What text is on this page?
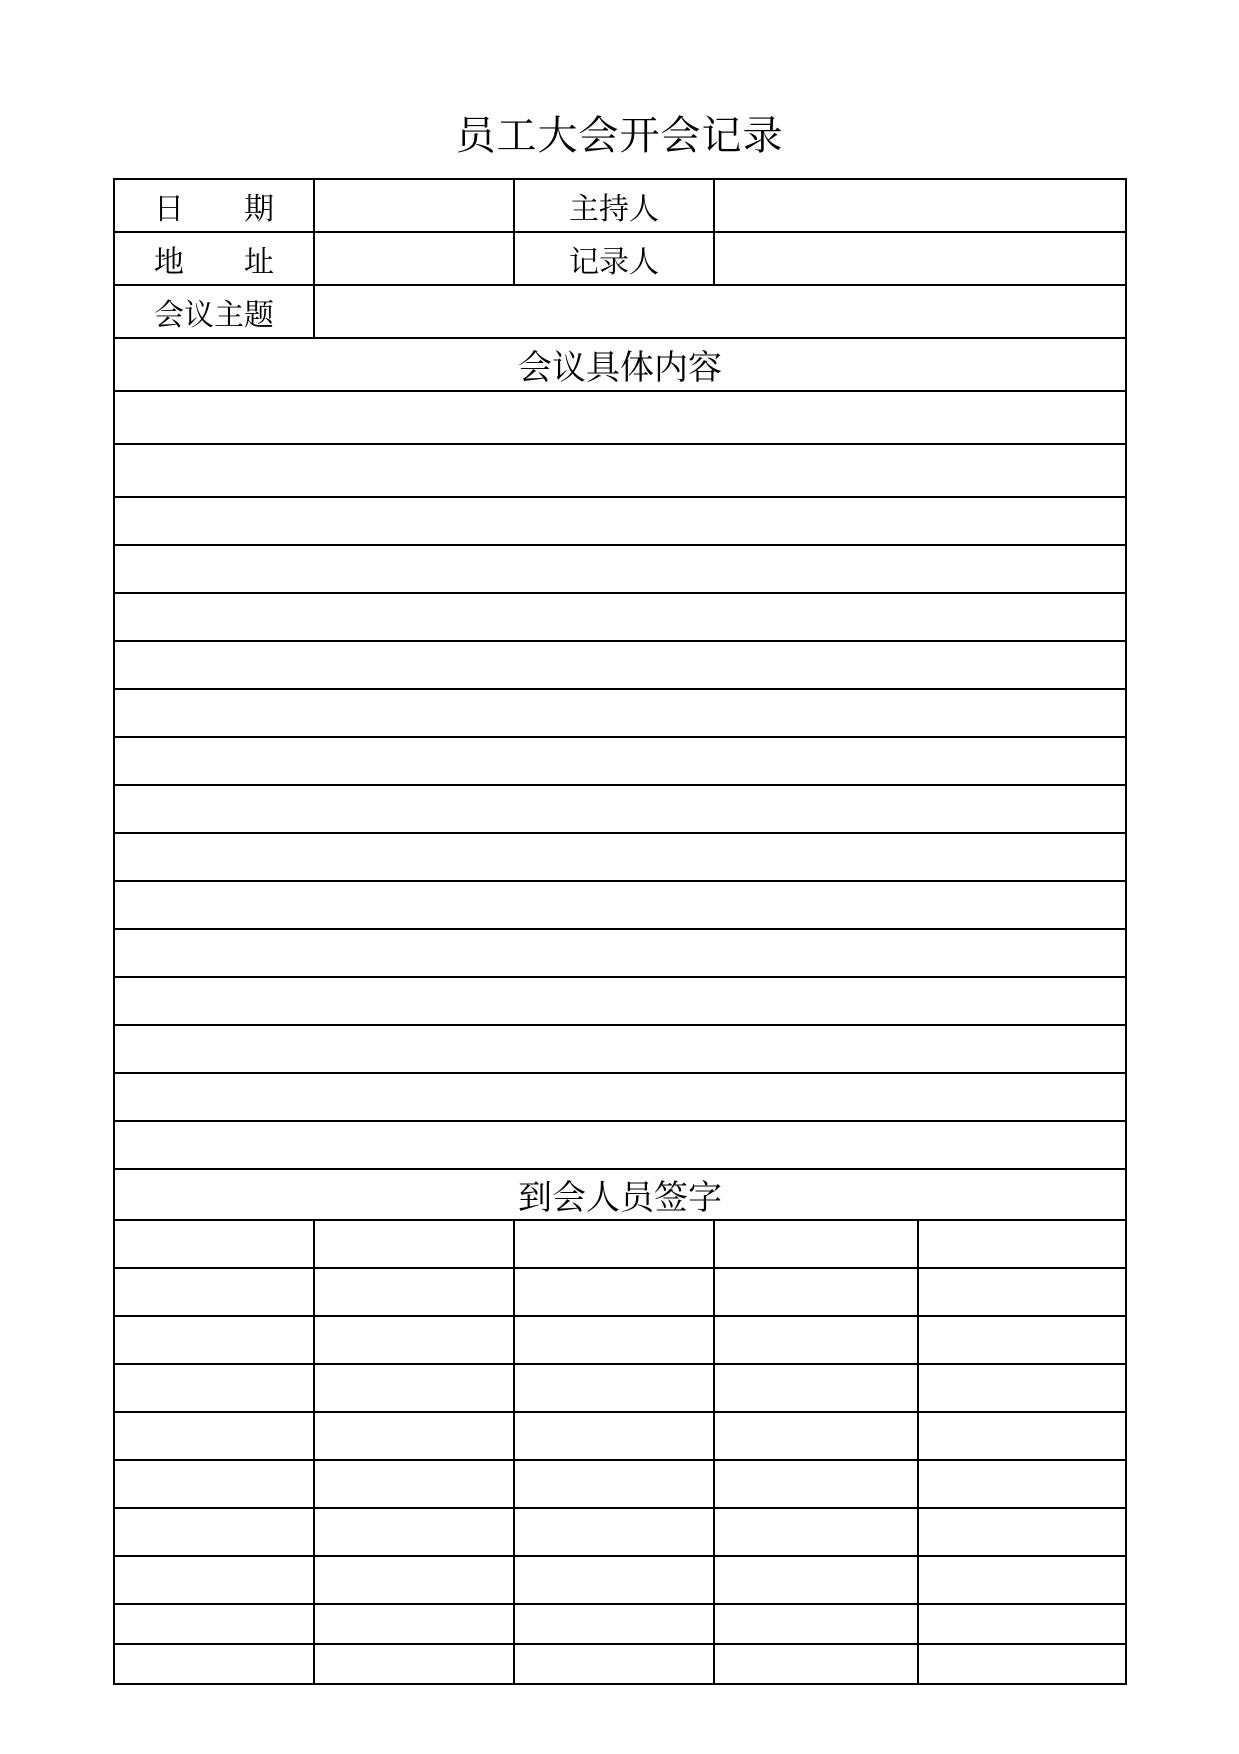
员工大会开会记录
日　　期		主持人		
地　　址		记录人		
会议主题				
会议具体内容				

到会人员签字				
